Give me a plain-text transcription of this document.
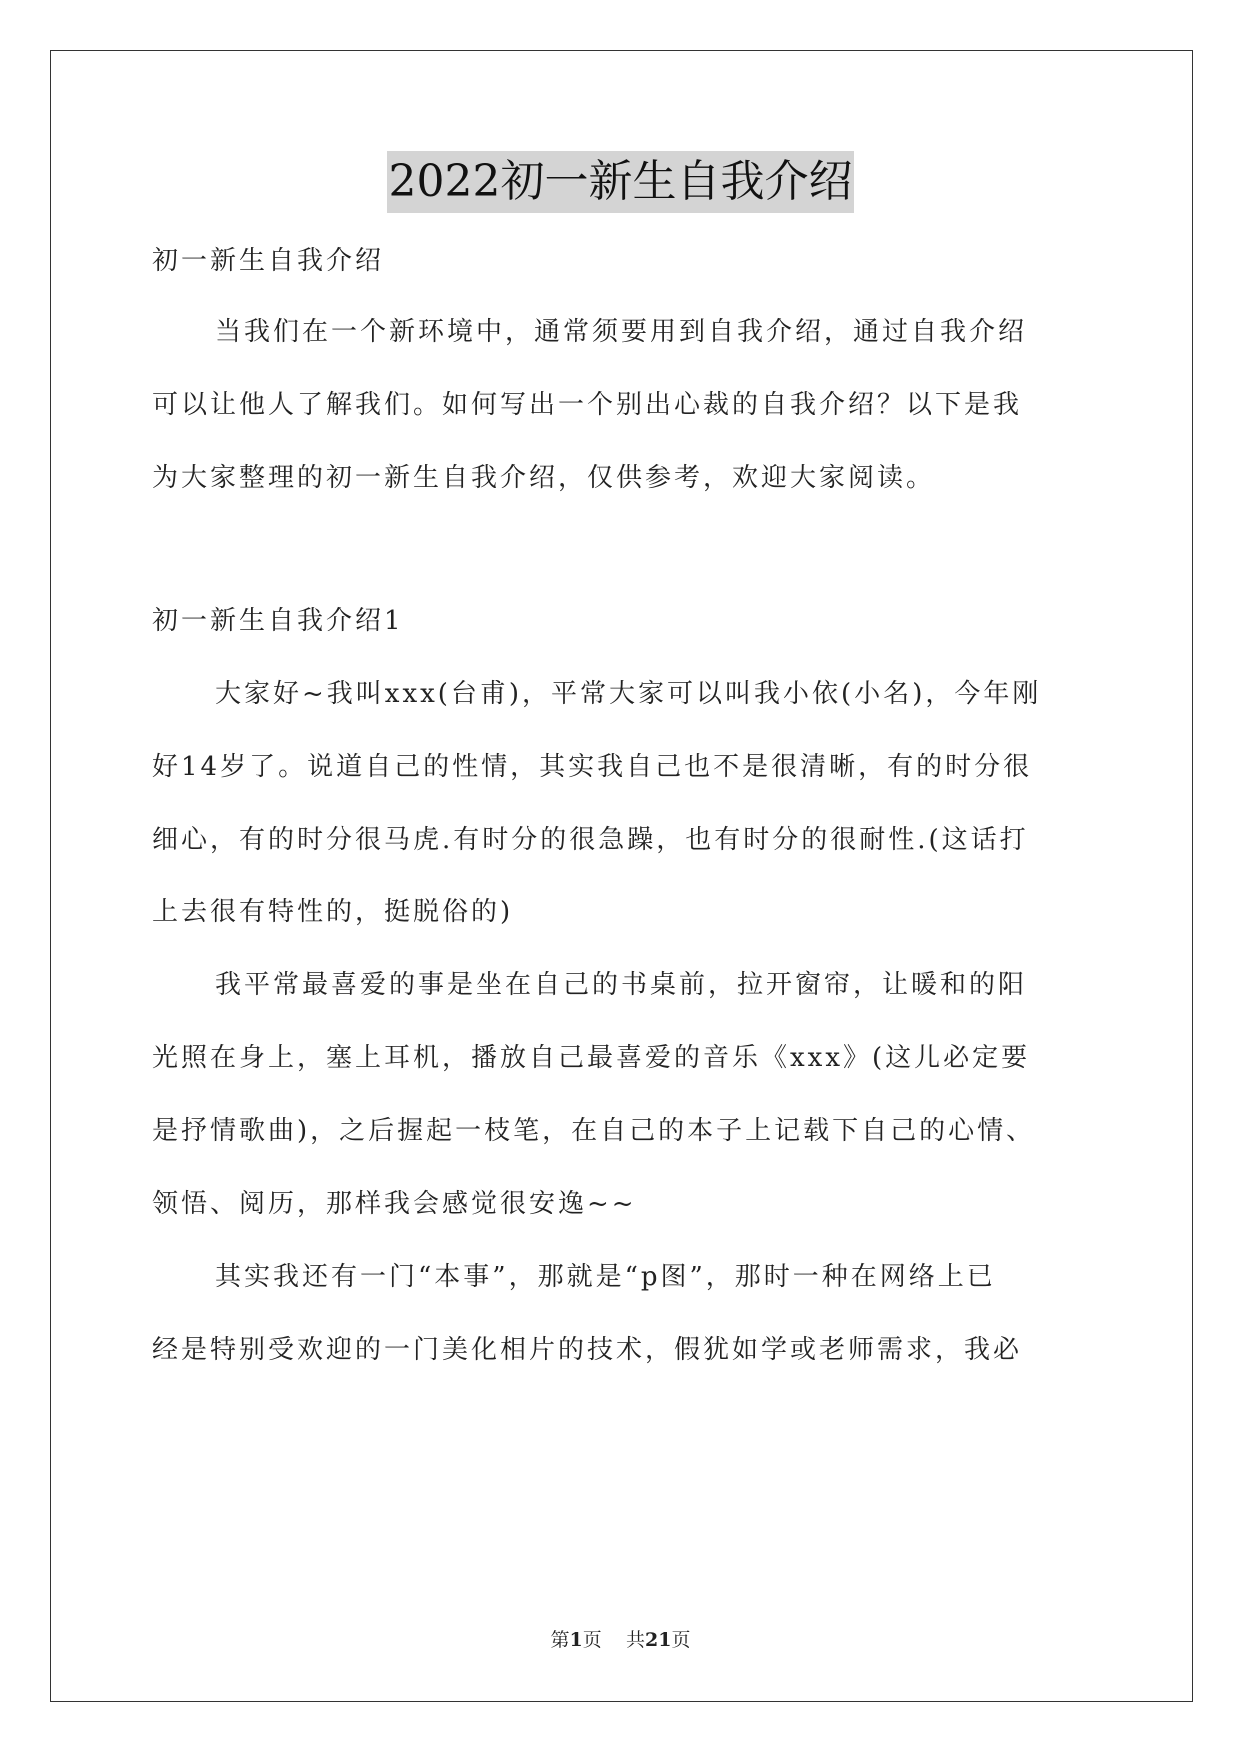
2022初一新生自我介绍
初一新生自我介绍
当我们在一个新环境中，通常须要用到自我介绍，通过自我介绍
可以让他人了解我们。如何写出一个别出心裁的自我介绍？以下是我
为大家整理的初一新生自我介绍，仅供参考，欢迎大家阅读。
初一新生自我介绍1
大家好~我叫xxx(台甫)，平常大家可以叫我小依(小名)，今年刚
好14岁了。说道自己的性情，其实我自己也不是很清晰，有的时分很
细心，有的时分很马虎.有时分的很急躁，也有时分的很耐性.(这话打
上去很有特性的，挺脱俗的)
我平常最喜爱的事是坐在自己的书桌前，拉开窗帘，让暖和的阳
光照在身上，塞上耳机，播放自己最喜爱的音乐《xxx》(这儿必定要
是抒情歌曲)，之后握起一枝笔，在自己的本子上记载下自己的心情、
领悟、阅历，那样我会感觉很安逸~~
其实我还有一门“本事”，那就是“p图”，那时一种在网络上已
经是特别受欢迎的一门美化相片的技术，假犹如学或老师需求，我必
第1页 共21页
